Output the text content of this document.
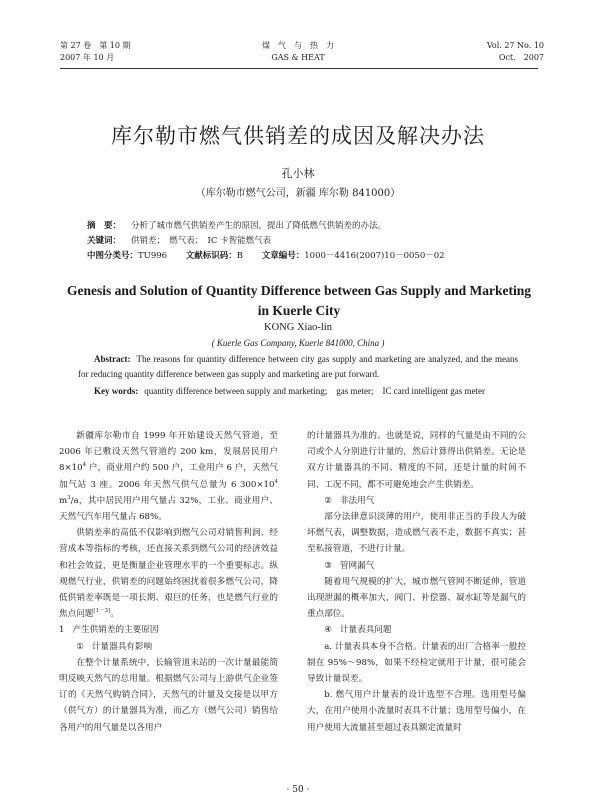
第 27 卷　第 10 期
2007 年 10 月
煤　气　与　热　力
GAS & HEAT
Vol. 27 No. 10
Oct.　2007
库尔勒市燃气供销差的成因及解决办法
孔小林
（库尔勒市燃气公司，新疆 库尔勒 841000）
摘　要： 分析了城市燃气供销差产生的原因，提出了降低燃气供销差的办法。
关键词： 供销差；　燃气表；　IC 卡智能燃气表
中图分类号：TU996 文献标识码：B 文章编号：1000－4416(2007)10－0050－02
Genesis and Solution of Quantity Difference between Gas Supply and Marketing in Kuerle City
KONG Xiao-lin
( Kuerle Gas Company, Kuerle 841000, China )
Abstract: The reasons for quantity difference between city gas supply and marketing are analyzed, and the means for reducing quantity difference between gas supply and marketing are put forward.
Key words: quantity difference between supply and marketing;　gas meter;　IC card intelligent gas meter

新疆库尔勒市自 1999 年开始建设天然气管道，至 2006 年已敷设天然气管道约 200 km，发展居民用户 $8\times 10^4$ 户，商业用户约 500 户，工业用户 6 户，天然气加气站 3 座。2006 年天然气供气总量为 6 $300\times 10^4$ $m^3/a$，其中居民用户用气量占 32%，工业、商业用户、天然气汽车用气量占 68%。

供销差率的高低不仅影响到燃气公司对销售利润、经营成本等指标的考核，还直接关系到燃气公司的经济效益和社会效益，更是衡量企业管理水平的一个重要标志。纵观燃气行业，供销差的问题始终困扰着很多燃气公司，降低供销差率既是一项长期、艰巨的任务，也是燃气行业的焦点问题[1－3]。

1 产生供销差的主要原因

① 计量器具有影响

在整个计量系统中，长输管道末站的一次计量最能简明反映天然气的总用量。根据燃气公司与上游供气企业签订的《天然气购销合同》，天然气的计量及交接是以甲方（供气方）的计量器具为准，而乙方（燃气公司）销售给各用户的用气量是以各用户

的计量器具为准的。也就是说，同样的气量是由不同的公司或个人分别进行计量的，然后计算得出供销差。无论是双方计量器具的不同、精度的不同，还是计量的时间不同、工况不同，都不可避免地会产生供销差。

② 非法用气

部分法律意识淡薄的用户，使用非正当的手段人为破坏燃气表，调整数据，造成燃气表不走，数据不真实；甚至私接管道，不进行计量。

③ 管网漏气

随着用气规模的扩大，城市燃气管网不断延伸，管道出现泄漏的概率加大，阀门、补偿器、凝水缸等是漏气的重点部位。

④ 计量表具问题

a. 计量表具本身不合格。计量表的出厂合格率一般控制在 95%～98%，如果不经检定就用于计量，很可能会导致计量误差。

b. 燃气用户计量表的设计选型不合理。选用型号偏大，在用户使用小流量时表具不计量；选用型号偏小，在用户使用大流量甚至超过表具额定流量时

· 50 ·
